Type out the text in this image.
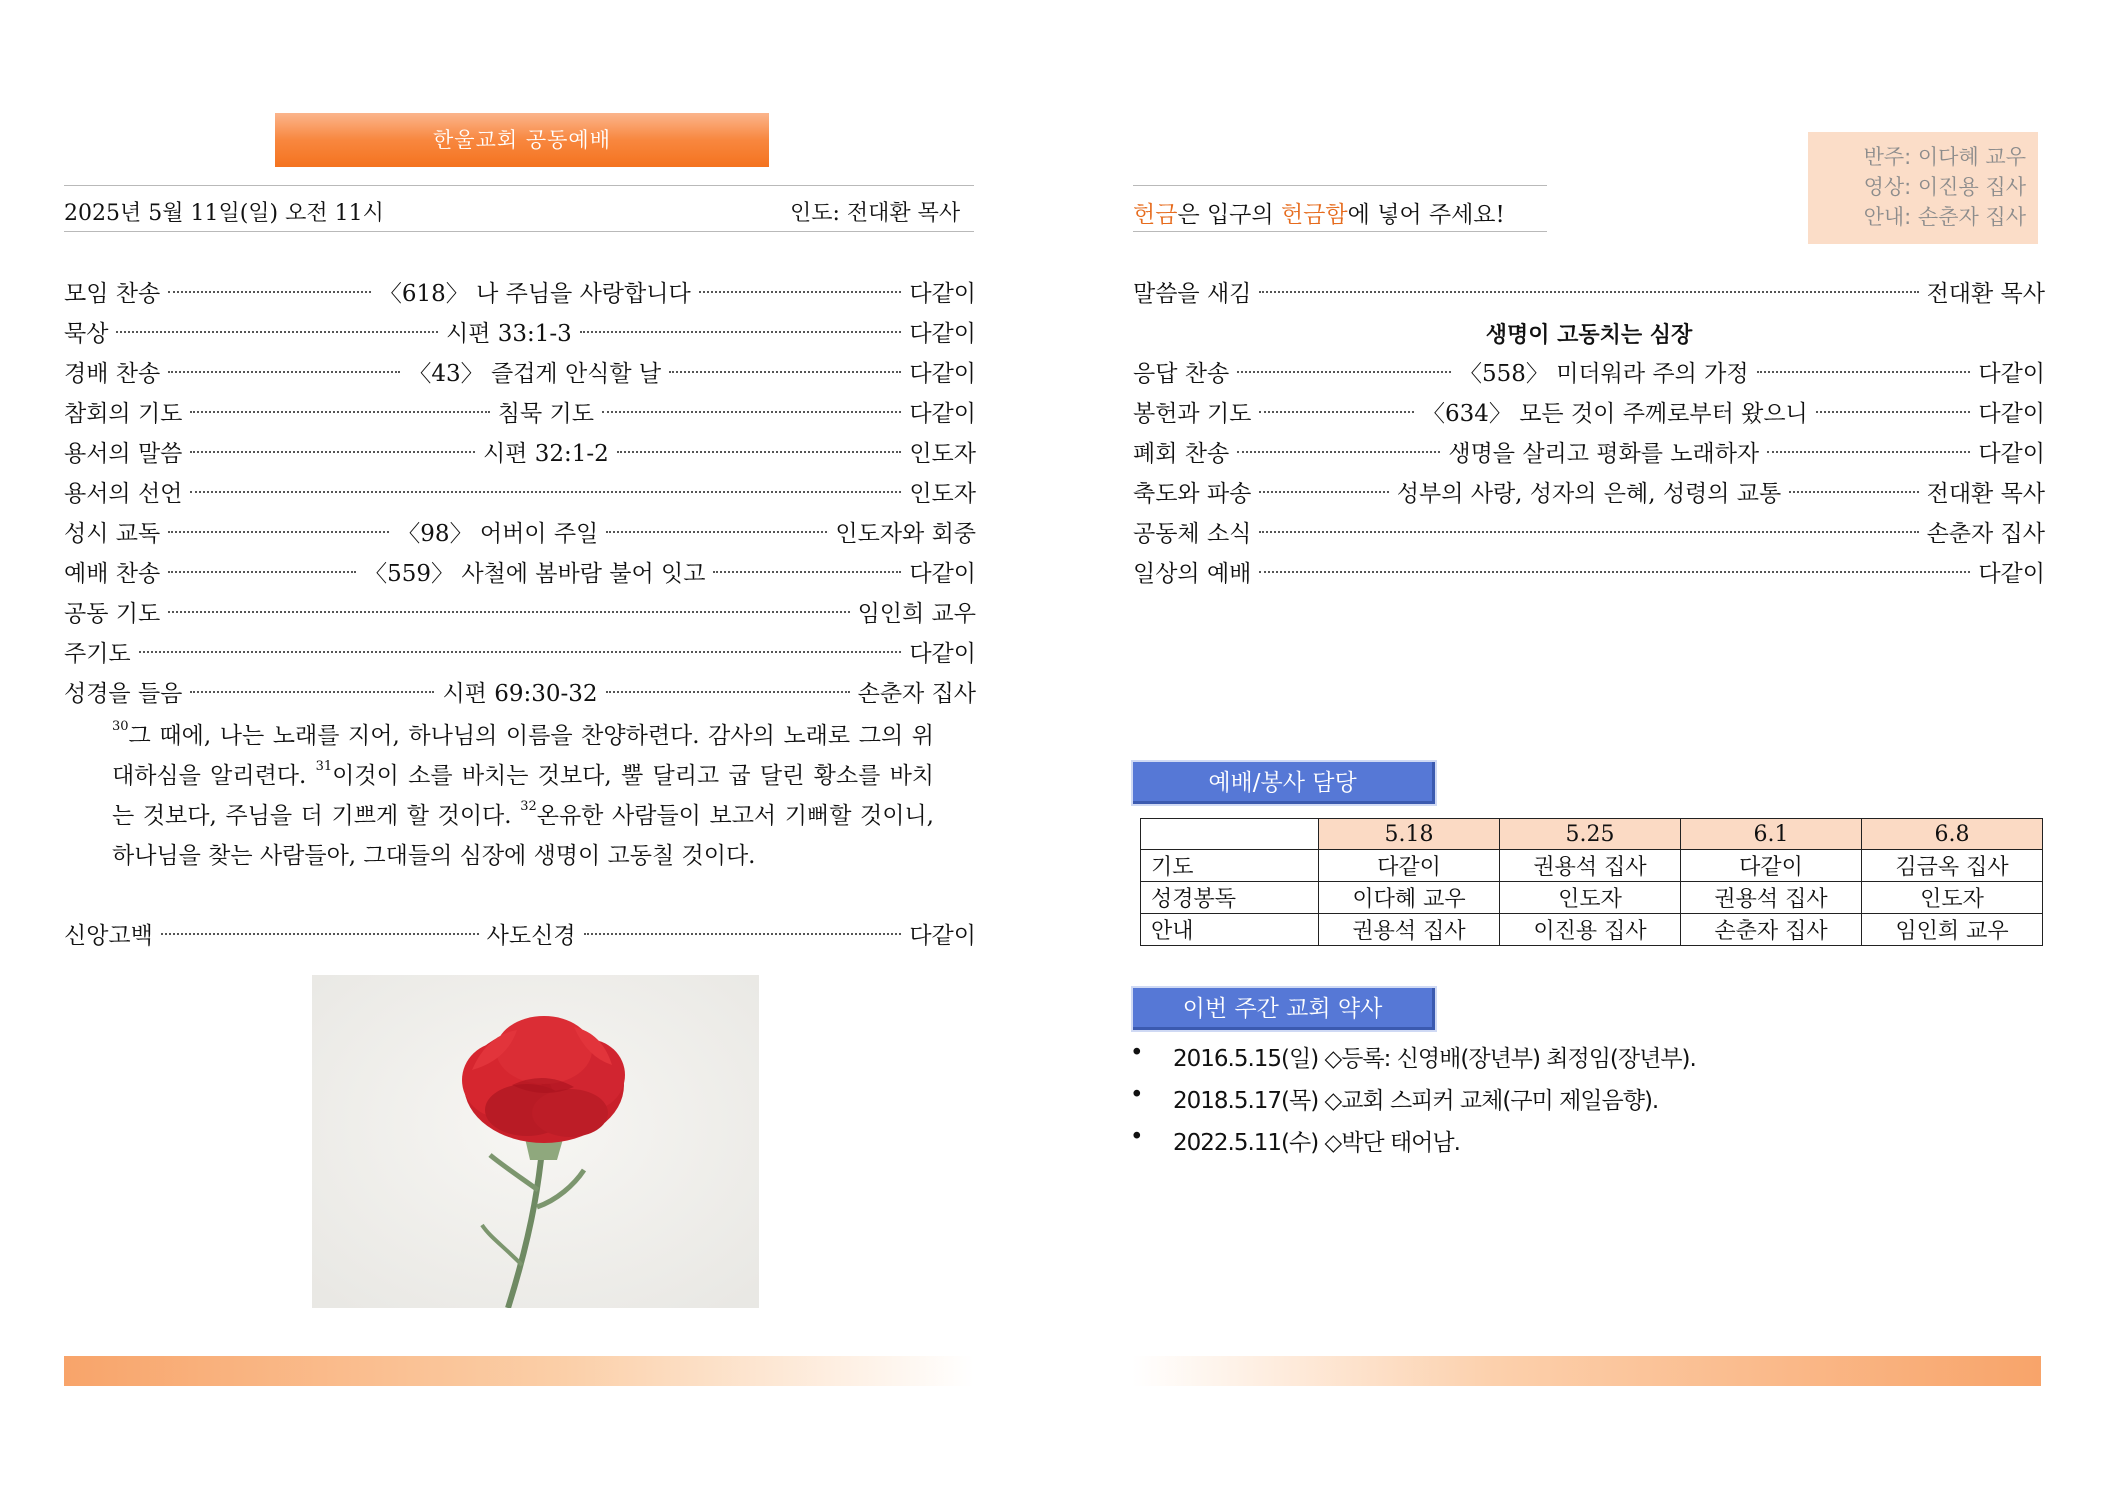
한울교회 공동예배
2025년 5월 11일(일) 오전 11시	인도: 전대환 목사	헌금은 입구의 헌금함에 넣어 주세요!
반주: 이다혜 교우
영상: 이진용 집사
안내: 손춘자 집사
모임 찬송	〈618〉 나 주님을 사랑합니다	다같이
묵상	시편 33:1-3	다같이
경배 찬송	〈43〉 즐겁게 안식할 날	다같이
참회의 기도	침묵 기도	다같이
용서의 말씀	시편 32:1-2	인도자
용서의 선언	인도자
성시 교독	〈98〉 어버이 주일	인도자와 회중
예배 찬송	〈559〉 사철에 봄바람 불어 잇고	다같이
공동 기도	임인희 교우
주기도	다같이
성경을 들음	시편 69:30-32	손춘자 집사
$^{30}$그 때에, 나는 노래를 지어, 하나님의 이름을 찬양하련다. 감사의 노래로 그의 위대하심을 알리련다. $^{31}$이것이 소를 바치는 것보다, 뿔 달리고 굽 달린 황소를 바치는 것보다, 주님을 더 기쁘게 할 것이다. $^{32}$온유한 사람들이 보고서 기뻐할 것이니, 하나님을 찾는 사람들아, 그대들의 심장에 생명이 고동칠 것이다.
신앙고백	사도신경	다같이
말씀을 새김	전대환 목사
생명이 고동치는 심장
응답 찬송	〈558〉 미더워라 주의 가정	다같이
봉헌과 기도	〈634〉 모든 것이 주께로부터 왔으니	다같이
폐회 찬송	생명을 살리고 평화를 노래하자	다같이
축도와 파송	성부의 사랑, 성자의 은혜, 성령의 교통	전대환 목사
공동체 소식	손춘자 집사
일상의 예배	다같이
예배/봉사 담당
	5.18	5.25	6.1	6.8
기도	다같이	권용석 집사	다같이	김금옥 집사
성경봉독	이다혜 교우	인도자	권용석 집사	인도자
안내	권용석 집사	이진용 집사	손춘자 집사	임인희 교우
이번 주간 교회 약사
• 2016.5.15(일) ◇등록: 신영배(장년부) 최정임(장년부).
• 2018.5.17(목) ◇교회 스피커 교체(구미 제일음향).
• 2022.5.11(수) ◇박단 태어남.
